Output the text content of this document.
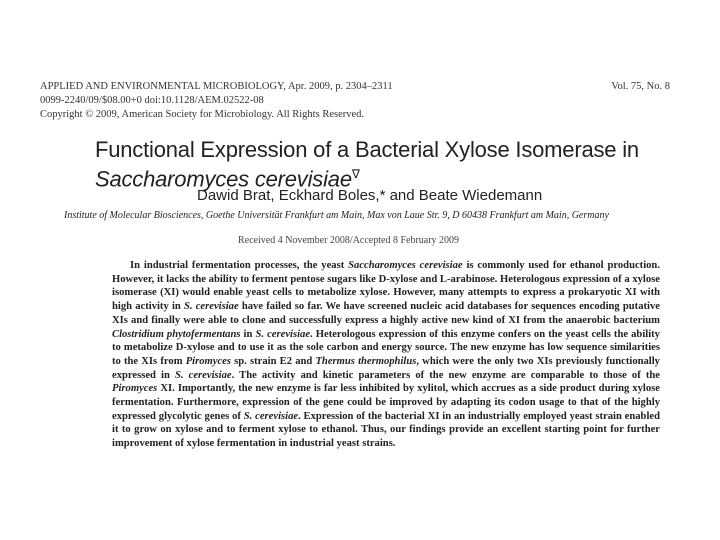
APPLIED AND ENVIRONMENTAL MICROBIOLOGY, Apr. 2009, p. 2304–2311	Vol. 75, No. 8
0099-2240/09/$08.00+0 doi:10.1128/AEM.02522-08
Copyright © 2009, American Society for Microbiology. All Rights Reserved.
Functional Expression of a Bacterial Xylose Isomerase in
Saccharomyces cerevisiae∇
Dawid Brat, Eckhard Boles,* and Beate Wiedemann
Institute of Molecular Biosciences, Goethe Universität Frankfurt am Main, Max von Laue Str. 9, D 60438 Frankfurt am Main, Germany
Received 4 November 2008/Accepted 8 February 2009
In industrial fermentation processes, the yeast Saccharomyces cerevisiae is commonly used for ethanol production. However, it lacks the ability to ferment pentose sugars like D-xylose and L-arabinose. Heterologous expression of a xylose isomerase (XI) would enable yeast cells to metabolize xylose. However, many attempts to express a prokaryotic XI with high activity in S. cerevisiae have failed so far. We have screened nucleic acid databases for sequences encoding putative XIs and finally were able to clone and successfully express a highly active new kind of XI from the anaerobic bacterium Clostridium phytofermentans in S. cerevisiae. Heterologous expression of this enzyme confers on the yeast cells the ability to metabolize D-xylose and to use it as the sole carbon and energy source. The new enzyme has low sequence similarities to the XIs from Piromyces sp. strain E2 and Thermus thermophilus, which were the only two XIs previously functionally expressed in S. cerevisiae. The activity and kinetic parameters of the new enzyme are comparable to those of the Piromyces XI. Importantly, the new enzyme is far less inhibited by xylitol, which accrues as a side product during xylose fermentation. Furthermore, expression of the gene could be improved by adapting its codon usage to that of the highly expressed glycolytic genes of S. cerevisiae. Expression of the bacterial XI in an industrially employed yeast strain enabled it to grow on xylose and to ferment xylose to ethanol. Thus, our findings provide an excellent starting point for further improvement of xylose fermentation in industrial yeast strains.
